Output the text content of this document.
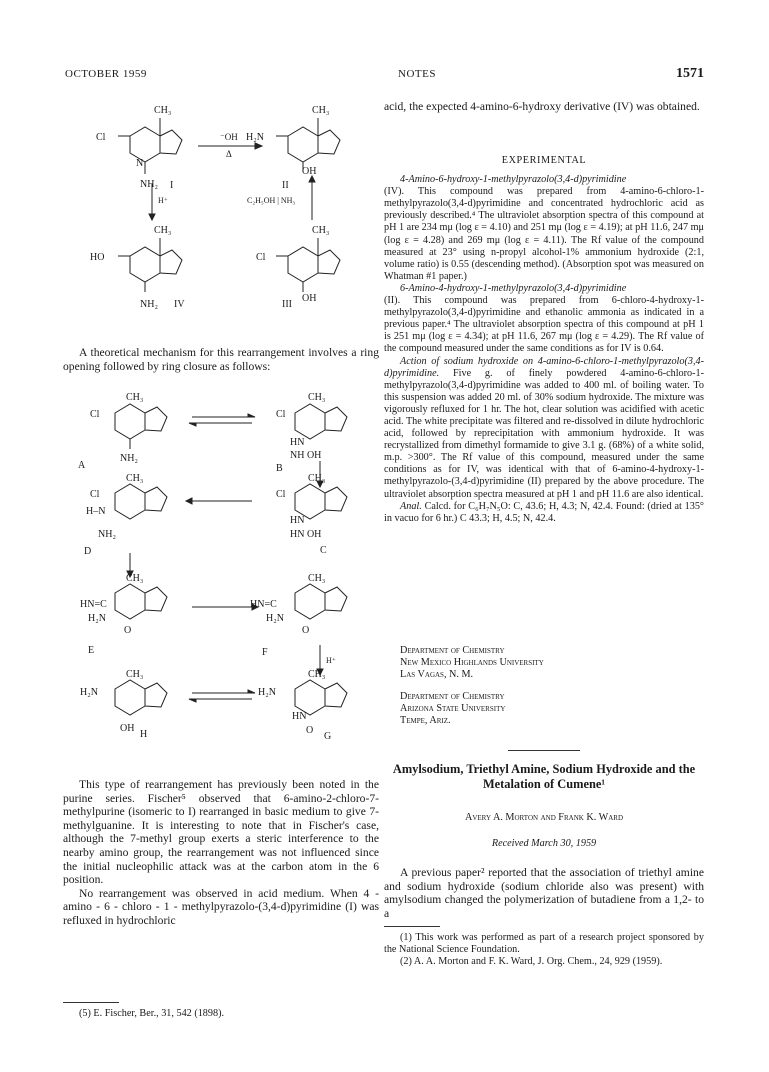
OCTOBER 1959	NOTES	1571
CH₃
Cl
N
NH₂ I
⁻OH
Δ
CH₃
H₂N
OH
II
H⁺	C₂H₅OH | NH₃
CH₃
HO
NH₂ IV
CH₃
Cl
III
OH

A theoretical mechanism for this rearrangement involves a ring opening followed by ring closure as follows:

CH₃
Cl
NH₂
A
CH₃
Cl
HN
NH OH
B
CH₃
Cl
H–N
NH₂
D
CH₃
Cl
HN
HN OH
C
CH₃
HN=C
H₂N
O
E
CH₃
HN=C
H₂N
O
F
H⁺
CH₃
H₂N
OH
H
CH₃
H₂N
HN
O
G

This type of rearrangement has previously been noted in the purine series. Fischer⁵ observed that 6-amino-2-chloro-7-methylpurine (isomeric to I) rearranged in basic medium to give 7-methylguanine. It is interesting to note that in Fischer's case, although the 7-methyl group exerts a steric interference to the nearby amino group, the rearrangement was not influenced since the initial nucleophilic attack was at the carbon atom in the 6 position.

No rearrangement was observed in acid medium. When 4 - amino - 6 - chloro - 1 - methylpyrazolo-(3,4-d)pyrimidine (I) was refluxed in hydrochloric

(5) E. Fischer, Ber., 31, 542 (1898).

acid, the expected 4-amino-6-hydroxy derivative (IV) was obtained.

EXPERIMENTAL

4-Amino-6-hydroxy-1-methylpyrazolo(3,4-d)pyrimidine
(IV). This compound was prepared from 4-amino-6-chloro-1-methylpyrazolo(3,4-d)pyrimidine and concentrated hydrochloric acid as previously described.⁴ The ultraviolet absorption spectra of this compound at pH 1 are 234 mμ (log ε = 4.10) and 251 mμ (log ε = 4.19); at pH 11.6, 247 mμ (log ε = 4.28) and 269 mμ (log ε = 4.11). The Rf value of the compound measured at 23° using n-propyl alcohol-1% ammonium hydroxide (2:1, volume ratio) is 0.55 (descending method). (Absorption spot was measured on Whatman #1 paper.)

6-Amino-4-hydroxy-1-methylpyrazolo(3,4-d)pyrimidine
(II). This compound was prepared from 6-chloro-4-hydroxy-1-methylpyrazolo(3,4-d)pyrimidine and ethanolic ammonia as indicated in a previous paper.⁴ The ultraviolet absorption spectra of this compound at pH 1 is 251 mμ (log ε = 4.34); at pH 11.6, 267 mμ (log ε = 4.29). The Rf value of the compound measured under the same conditions as for IV is 0.64.

Action of sodium hydroxide on 4-amino-6-chloro-1-methylpyrazolo(3,4-d)pyrimidine. Five g. of finely powdered 4-amino-6-chloro-1-methylpyrazolo(3,4-d)pyrimidine was added to 400 ml. of boiling water. To this suspension was added 20 ml. of 30% sodium hydroxide. The mixture was vigorously refluxed for 1 hr. The hot, clear solution was acidified with acetic acid. The white precipitate was filtered and re-dissolved in dilute hydrochloric acid, followed by reprecipitation with ammonium hydroxide. It was recrystallized from dimethyl formamide to give 3.1 g. (68%) of a white solid, m.p. >300°. The Rf value of this compound, measured under the same conditions as for IV, was identical with that of 6-amino-4-hydroxy-1-methylpyrazolo-(3,4-d)pyrimidine (II) prepared by the above procedure. The ultraviolet absorption spectra measured at pH 1 and pH 11.6 are also identical.

Anal. Calcd. for C₆H₇N₅O: C, 43.6; H, 4.3; N, 42.4. Found: (dried at 135° in vacuo for 6 hr.) C 43.3; H, 4.5; N, 42.4.

Department of Chemistry

New Mexico Highlands University

Las Vagas, N. M.

Department of Chemistry

Arizona State University

Tempe, Ariz.

Amylsodium, Triethyl Amine, Sodium Hydroxide and the Metalation of Cumene¹
Avery A. Morton and Frank K. Ward
Received March 30, 1959

A previous paper² reported that the association of triethyl amine and sodium hydroxide (sodium chloride also was present) with amylsodium changed the polymerization of butadiene from a 1,2- to a

(1) This work was performed as part of a research project sponsored by the National Science Foundation.

(2) A. A. Morton and F. K. Ward, J. Org. Chem., 24, 929 (1959).
